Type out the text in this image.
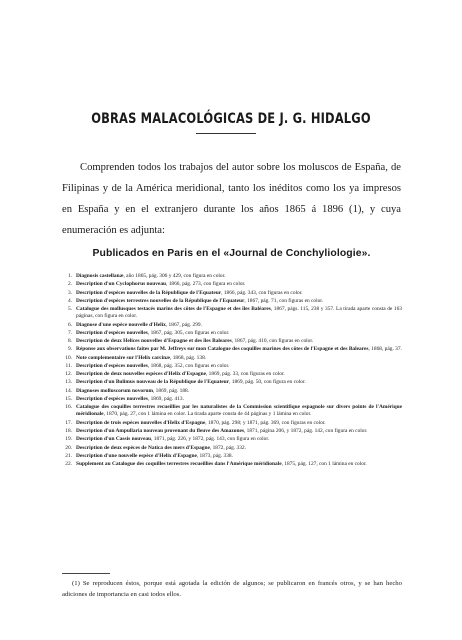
OBRAS MALACOLÓGICAS DE J. G. HIDALGO

Comprenden todos los trabajos del autor sobre los moluscos de España, de Filipinas y de la América meridional, tanto los inéditos como los ya impresos en España y en el extranjero durante los años 1865 á 1896 (1), y cuya enumeración es adjunta:

Publicados en Paris en el «Journal de Conchyliologie».
1. Diagnosis castellanæ, año 1865, pág. 306 y 429, con figura en color.
2. Description d'un Cyclophorus nouveau, 1866, pág. 273, con figura en color.
3. Description d'espèces nouvelles de la République de l'Equateur, 1866, pág. 343, con figuras en color.
4. Description d'espèces terrestres nouvelles de la République de l'Equateur, 1867, pág. 71, con figuras en color.
5. Catalogue des mollusques testacés marins des côtes de l'Espagne et des îles Baléares, 1867, págs. 115, 238 y 357. La tirada aparte consta de 163 páginas, con figura en color.
6. Diagnose d'une espèce nouvelle d'Helix, 1867, pág. 299.
7. Description d'espèces nouvelles, 1867, pág. 305, con figuras en color.
8. Description de deux Helices nouvelles d'Espagne et des îles Baleares, 1867, pág. 410, con figuras en color.
9. Réponse aux observations faites par M. Jeffreys sur mon Catalogue des coquilles marines des côtes de l'Espagne et des Baleares, 1868, pág. 37.
10. Note complementaire sur l'Helix carcinæ, 1868, pág. 138.
11. Description d'espèces nouvelles, 1868, pág. 352, con figuras en color.
12. Description de deux nouvelles espèces d'Helix d'Espagne, 1869, pág. 33, con figuras en color.
13. Description d'un Bulimus nouveau de la République de l'Equateur, 1869, pág. 50, con figura en color.
14. Diagnoses molluscorum novorum, 1869, pág. 188.
15. Description d'espèces nouvelles, 1869, pág. 413.
16. Catalogue des coquilles terrestres recueillies par les naturalistes de la Commission scientifique espagnole sur divers points de l'Amérique méridionale, 1870, pág. 27, con 1 lámina en color. La tirada aparte consta de 44 páginas y 1 lámina en color.
17. Description de trois espèces nouvelles d'Helix d'Espagne, 1870, pág. 298; y 1871, pág. 369, con figuras en color.
18. Description d'un Ampullaria nouveau provenant du fleuve des Amazones, 1871, página 206, y 1872, pág. 142, con figura en color.
19. Description d'un Cassis nouveau, 1871, pág. 226, y 1872, pág. 143, con figura en color.
20. Description de deux espèces de Natica des mers d'Espagne, 1872, pág. 332.
21. Description d'une nouvelle espèce d'Helix d'Espagne, 1873, pág. 338.
22. Supplement au Catalogue des coquilles terrestres recueillies dans l'Amérique méridionale, 1875, pág. 127, con 1 lámina en color.

(1) Se reproducen éstos, porque está agotada la edición de algunos; se publicaron en francés otros, y se han hecho adiciones de importancia en casi todos ellos.
